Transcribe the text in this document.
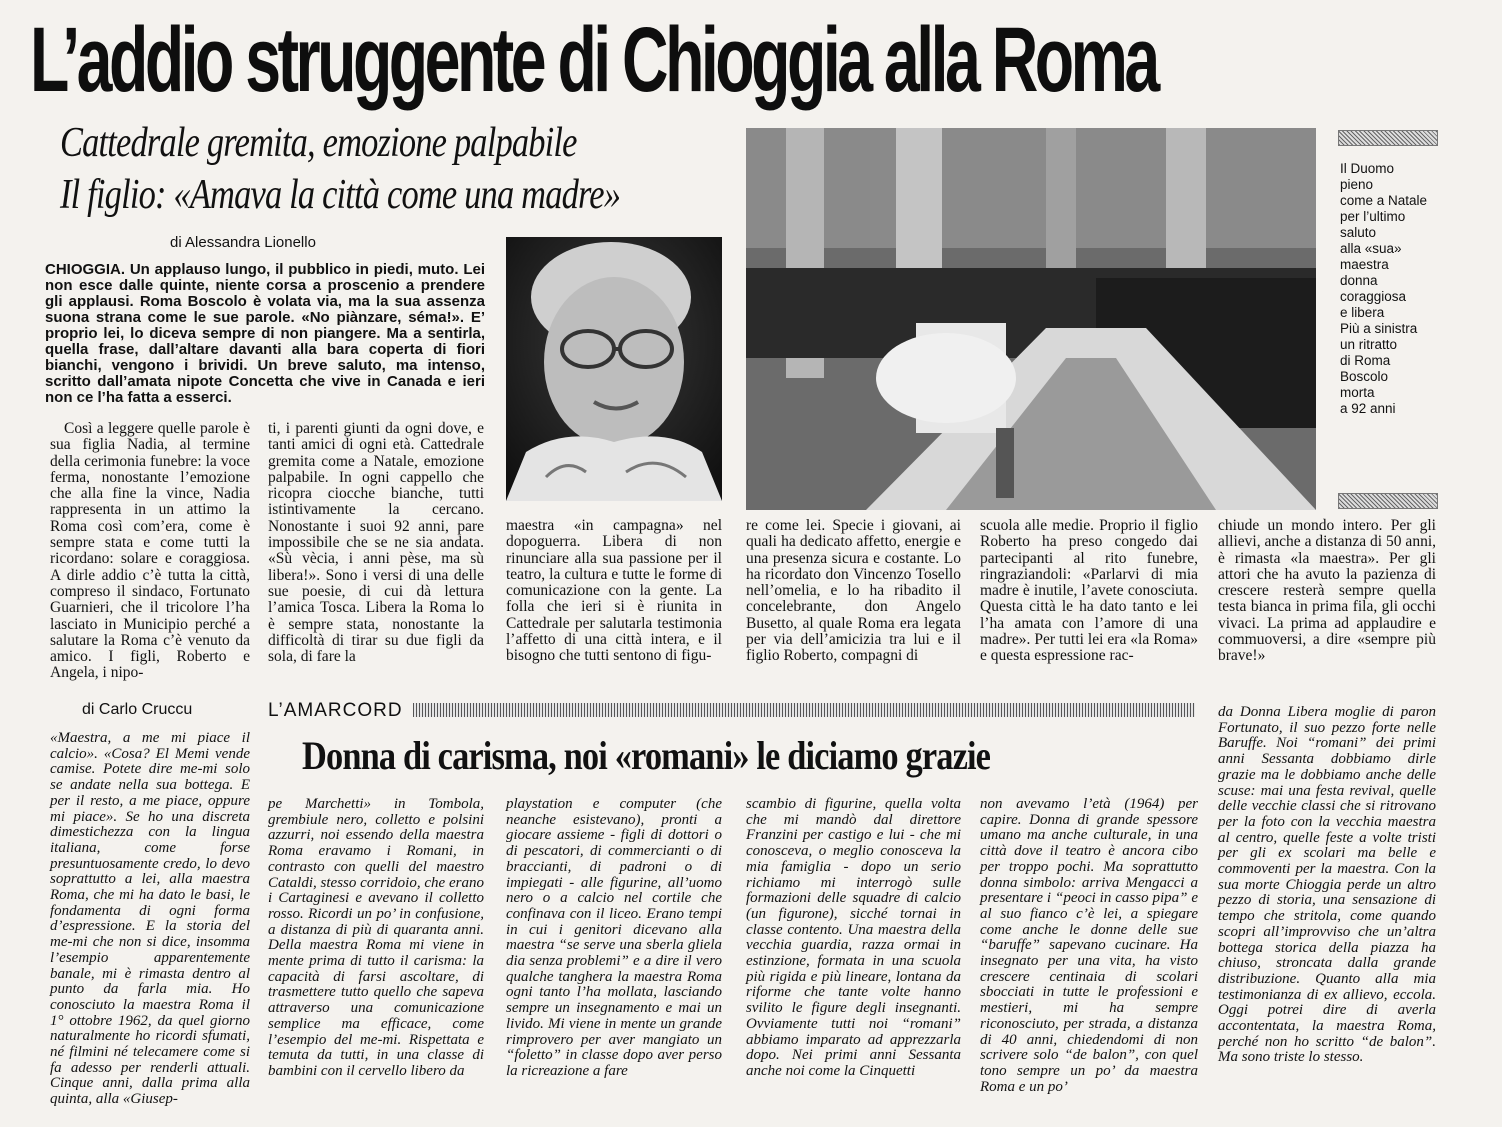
L’addio struggente di Chioggia alla Roma
Cattedrale gremita, emozione palpabile
Il figlio: «Amava la città come una madre»
di Alessandra Lionello
CHIOGGIA. Un applauso lungo, il pubblico in piedi, muto. Lei non esce dalle quinte, niente corsa a proscenio a prendere gli applausi. Roma Boscolo è volata via, ma la sua assenza suona strana come le sue parole. «No piànzare, séma!». E’ proprio lei, lo diceva sempre di non piangere. Ma a sentirla, quella frase, dall’altare davanti alla bara coperta di fiori bianchi, vengono i brividi. Un breve saluto, ma intenso, scritto dall’amata nipote Concetta che vive in Canada e ieri non ce l’ha fatta a esserci.
Il Duomo
pieno
come a Natale
per l’ultimo
saluto
alla «sua»
maestra
donna
coraggiosa
e libera
Più a sinistra
un ritratto
di Roma
Boscolo
morta
a 92 anni
Così a leggere quelle parole è sua figlia Nadia, al termine della cerimonia funebre: la voce ferma, nonostante l’emozione che alla fine la vince, Nadia rappresenta in un attimo la Roma così com’era, come è sempre stata e come tutti la ricordano: solare e coraggiosa. A dirle addio c’è tutta la città, compreso il sindaco, Fortunato Guarnieri, che il tricolore l’ha lasciato in Municipio perché a salutare la Roma c’è venuto da amico. I figli, Roberto e Angela, i nipo-
ti, i parenti giunti da ogni dove, e tanti amici di ogni età. Cattedrale gremita come a Natale, emozione palpabile. In ogni cappello che ricopra ciocche bianche, tutti istintivamente la cercano. Nonostante i suoi 92 anni, pare impossibile che se ne sia andata. «Sù vècia, i anni pèse, ma sù libera!». Sono i versi di una delle sue poesie, di cui dà lettura l’amica Tosca. Libera la Roma lo è sempre stata, nonostante la difficoltà di tirar su due figli da sola, di fare la
maestra «in campagna» nel dopoguerra. Libera di non rinunciare alla sua passione per il teatro, la cultura e tutte le forme di comunicazione con la gente. La folla che ieri si è riunita in Cattedrale per salutarla testimonia l’affetto di una città intera, e il bisogno che tutti sentono di figu-
re come lei. Specie i giovani, ai quali ha dedicato affetto, energie e una presenza sicura e costante. Lo ha ricordato don Vincenzo Tosello nell’omelia, e lo ha ribadito il concelebrante, don Angelo Busetto, al quale Roma era legata per via dell’amicizia tra lui e il figlio Roberto, compagni di
scuola alle medie. Proprio il figlio Roberto ha preso congedo dai partecipanti al rito funebre, ringraziandoli: «Parlarvi di mia madre è inutile, l’avete conosciuta. Questa città le ha dato tanto e lei l’ha amata con l’amore di una madre». Per tutti lei era «la Roma» e questa espressione rac-
chiude un mondo intero. Per gli allievi, anche a distanza di 50 anni, è rimasta «la maestra». Per gli attori che ha avuto la pazienza di crescere resterà sempre quella testa bianca in prima fila, gli occhi vivaci. La prima ad applaudire e commuoversi, a dire «sempre più brave!»
di Carlo Cruccu	L’AMARCORD
Donna di carisma, noi «romani» le diciamo grazie
«Maestra, a me mi piace il calcio». «Cosa? El Memi vende camise. Potete dire me-mi solo se andate nella sua bottega. E per il resto, a me piace, oppure mi piace». Se ho una discreta dimestichezza con la lingua italiana, come forse presuntuosamente credo, lo devo soprattutto a lei, alla maestra Roma, che mi ha dato le basi, le fondamenta di ogni forma d’espressione. E la storia del me-mi che non si dice, insomma l’esempio apparentemente banale, mi è rimasta dentro al punto da farla mia. Ho conosciuto la maestra Roma il 1° ottobre 1962, da quel giorno naturalmente ho ricordi sfumati, né filmini né telecamere come si fa adesso per renderli attuali. Cinque anni, dalla prima alla quinta, alla «Giusep-
pe Marchetti» in Tombola, grembiule nero, colletto e polsini azzurri, noi essendo della maestra Roma eravamo i Romani, in contrasto con quelli del maestro Cataldi, stesso corridoio, che erano i Cartaginesi e avevano il colletto rosso. Ricordi un po’ in confusione, a distanza di più di quaranta anni. Della maestra Roma mi viene in mente prima di tutto il carisma: la capacità di farsi ascoltare, di trasmettere tutto quello che sapeva attraverso una comunicazione semplice ma efficace, come l’esempio del me-mi. Rispettata e temuta da tutti, in una classe di bambini con il cervello libero da
playstation e computer (che neanche esistevano), pronti a giocare assieme - figli di dottori o di pescatori, di commercianti o di braccianti, di padroni o di impiegati - alle figurine, all’uomo nero o a calcio nel cortile che confinava con il liceo. Erano tempi in cui i genitori dicevano alla maestra “se serve una sberla gliela dia senza problemi” e a dire il vero qualche tanghera la maestra Roma ogni tanto l’ha mollata, lasciando sempre un insegnamento e mai un livido. Mi viene in mente un grande rimprovero per aver mangiato un “foletto” in classe dopo aver perso la ricreazione a fare
scambio di figurine, quella volta che mi mandò dal direttore Franzini per castigo e lui - che mi conosceva, o meglio conosceva la mia famiglia - dopo un serio richiamo mi interrogò sulle formazioni delle squadre di calcio (un figurone), sicché tornai in classe contento. Una maestra della vecchia guardia, razza ormai in estinzione, formata in una scuola più rigida e più lineare, lontana da riforme che tante volte hanno svilito le figure degli insegnanti. Ovviamente tutti noi “romani” abbiamo imparato ad apprezzarla dopo. Nei primi anni Sessanta anche noi come la Cinquetti
non avevamo l’età (1964) per capire. Donna di grande spessore umano ma anche culturale, in una città dove il teatro è ancora cibo per troppo pochi. Ma soprattutto donna simbolo: arriva Mengacci a presentare i “peoci in casso pipa” e al suo fianco c’è lei, a spiegare come anche le donne delle sue “baruffe” sapevano cucinare. Ha insegnato per una vita, ha visto crescere centinaia di scolari sbocciati in tutte le professioni e mestieri, mi ha sempre riconosciuto, per strada, a distanza di 40 anni, chiedendomi di non scrivere solo “de balon”, con quel tono sempre un po’ da maestra Roma e un po’
da Donna Libera moglie di paron Fortunato, il suo pezzo forte nelle Baruffe. Noi “romani” dei primi anni Sessanta dobbiamo dirle grazie ma le dobbiamo anche delle scuse: mai una festa revival, quelle delle vecchie classi che si ritrovano per la foto con la vecchia maestra al centro, quelle feste a volte tristi per gli ex scolari ma belle e commoventi per la maestra. Con la sua morte Chioggia perde un altro pezzo di storia, una sensazione di tempo che stritola, come quando scopri all’improvviso che un’altra bottega storica della piazza ha chiuso, stroncata dalla grande distribuzione. Quanto alla mia testimonianza di ex allievo, eccola. Oggi potrei dire di averla accontentata, la maestra Roma, perché non ho scritto “de balon”. Ma sono triste lo stesso.
